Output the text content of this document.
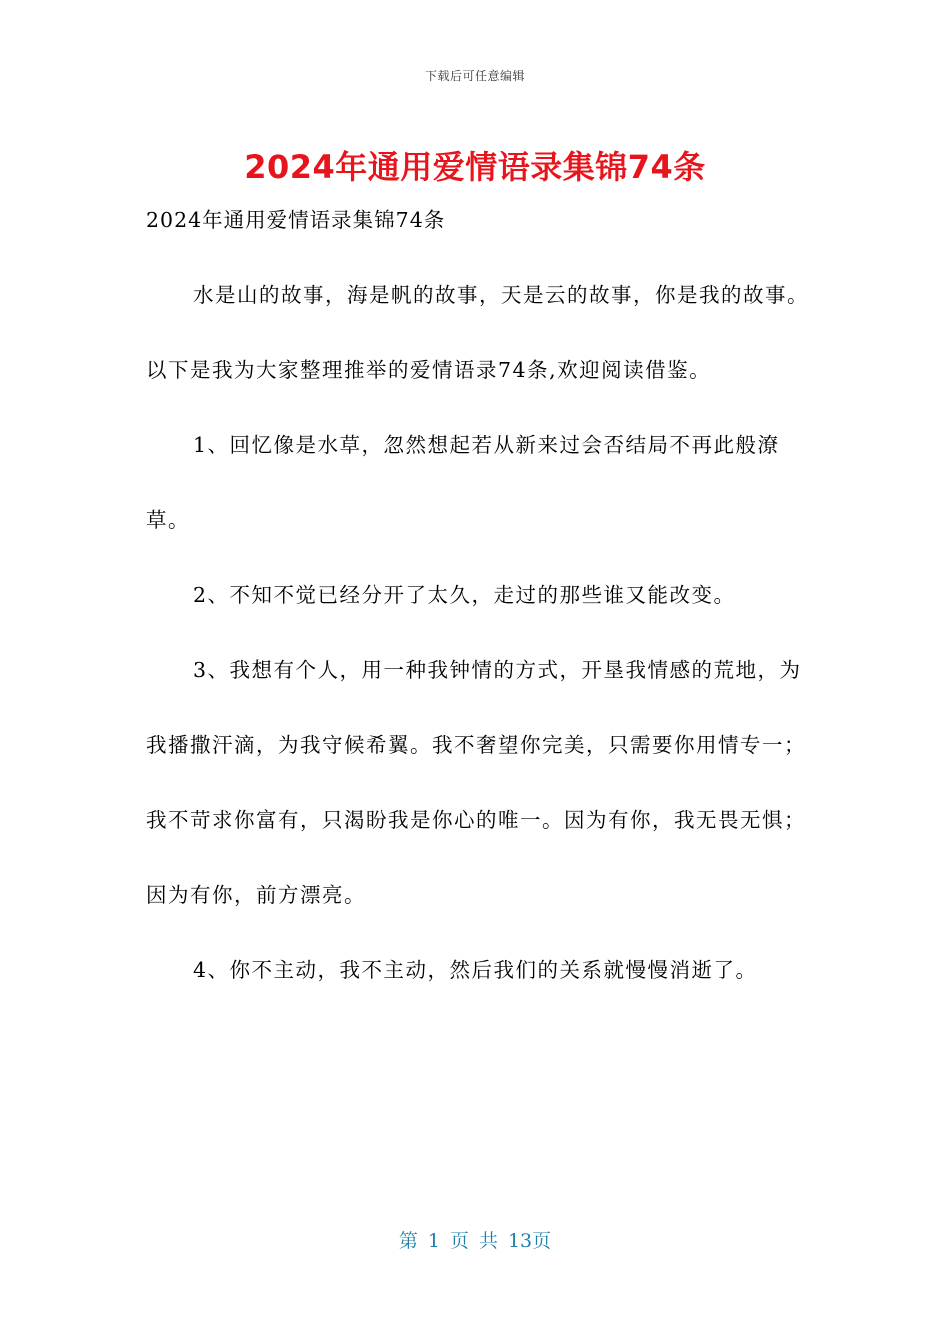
下载后可任意编辑
2024年通用爱情语录集锦74条
2024年通用爱情语录集锦74条

水是山的故事，海是帆的故事，天是云的故事，你是我的故事。以下是我为大家整理推举的爱情语录74条,欢迎阅读借鉴。

1、回忆像是水草，忽然想起若从新来过会否结局不再此般潦草。

2、不知不觉已经分开了太久，走过的那些谁又能改变。

3、我想有个人，用一种我钟情的方式，开垦我情感的荒地，为我播撒汗滴，为我守候希翼。我不奢望你完美，只需要你用情专一；我不苛求你富有，只渴盼我是你心的唯一。因为有你，我无畏无惧；因为有你，前方漂亮。

4、你不主动，我不主动，然后我们的关系就慢慢消逝了。

第 1 页 共 13页
